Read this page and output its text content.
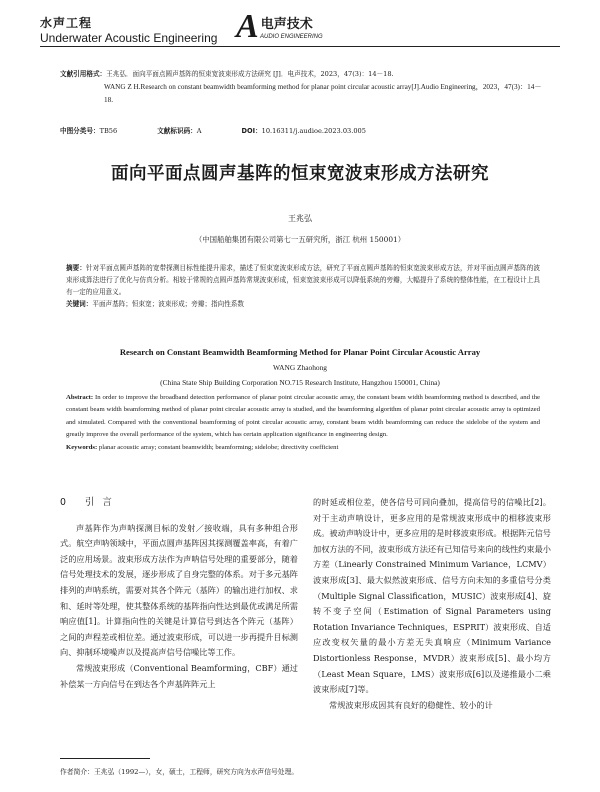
水声工程
Underwater Acoustic Engineering A 电声技术
AUDIO ENGINEERING
文献引用格式：王兆弘．面向平面点圆声基阵的恒束宽波束形成方法研究 [J]．电声技术，2023，47(3)：14－18.
WANG Z H.Research on constant beamwidth beamforming method for planar point circular acoustic array[J].Audio Engineering，2023，47(3)：14－18.
中图分类号：TB56	文献标识码：A	DOI：10.16311/j.audioe.2023.03.005
面向平面点圆声基阵的恒束宽波束形成方法研究
王兆弘
（中国船舶集团有限公司第七一五研究所，浙江 杭州 150001）
摘要：针对平面点圆声基阵的宽带探测目标性能提升需求，描述了恒束宽波束形成方法，研究了平面点圆声基阵的恒束宽波束形成方法，并对平面点圆声基阵的波束形成算法进行了优化与仿真分析。相较于常规的点圆声基阵常规波束形成，恒束宽波束形成可以降低系统的旁瓣，大幅提升了系统的整体性能，在工程设计上具有一定的应用意义。
关键词：平面声基阵；恒束宽；波束形成；旁瓣；指向性系数
Research on Constant Beamwidth Beamforming Method for Planar Point Circular Acoustic Array
WANG Zhaohong
(China State Ship Building Corporation NO.715 Research Institute, Hangzhou 150001, China)
Abstract: In order to improve the broadband detection performance of planar point circular acoustic array, the constant beam width beamforming method is described, and the constant beam width beamforming method of planar point circular acoustic array is studied, and the beamforming algorithm of planar point circular acoustic array is optimized and simulated. Compared with the conventional beamforming of point circular acoustic array, constant beam width beamforming can reduce the sidelobe of the system and greatly improve the overall performance of the system, which has certain application significance in engineering design.
Keywords: planar acoustic array; constant beamwidth; beamforming; sidelobe; directivity coefficient
0 引言

声基阵作为声呐探测目标的发射／接收端，具有多种组合形式。航空声呐领域中，平面点圆声基阵因其探测覆盖率高，有着广泛的应用场景。波束形成方法作为声呐信号处理的重要部分，随着信号处理技术的发展，逐步形成了自身完整的体系。对于多元基阵排列的声呐系统，需要对其各个阵元（基阵）的输出进行加权、求和、延时等处理，使其整体系统的基阵指向性达到最优或满足所需响应值[1]。计算指向性的关键是计算信号到达各个阵元（基阵）之间的声程差或相位差。通过波束形成，可以进一步再提升目标测向、抑制环境噪声以及提高声信号信噪比等工作。

常规波束形成（Conventional Beamforming，CBF）通过补偿某一方向信号在到达各个声基阵阵元上

的时延或相位差，使各信号可同向叠加，提高信号的信噪比[2]。对于主动声呐设计，更多应用的是常规波束形成中的相移波束形成。被动声呐设计中，更多应用的是时移波束形成。根据阵元信号加权方法的不同，波束形成方法还有已知信号来向的线性约束最小方差（Linearly Constrained Minimum Variance，LCMV）波束形成[3]、最大似然波束形成、信号方向未知的多重信号分类（Multiple Signal Classification，MUSIC）波束形成[4]、旋转不变子空间（Estimation of Signal Parameters using Rotation Invariance Techniques，ESPRIT）波束形成、自适应改变权矢量的最小方差无失真响应（Minimum Variance Distortionless Response，MVDR）波束形成[5]、最小均方（Least Mean Square，LMS）波束形成[6]以及递推最小二乘波束形成[7]等。

常规波束形成因其有良好的稳健性、较小的计

作者简介：王兆弘（1992—），女，硕士，工程师，研究方向为水声信号处理。
